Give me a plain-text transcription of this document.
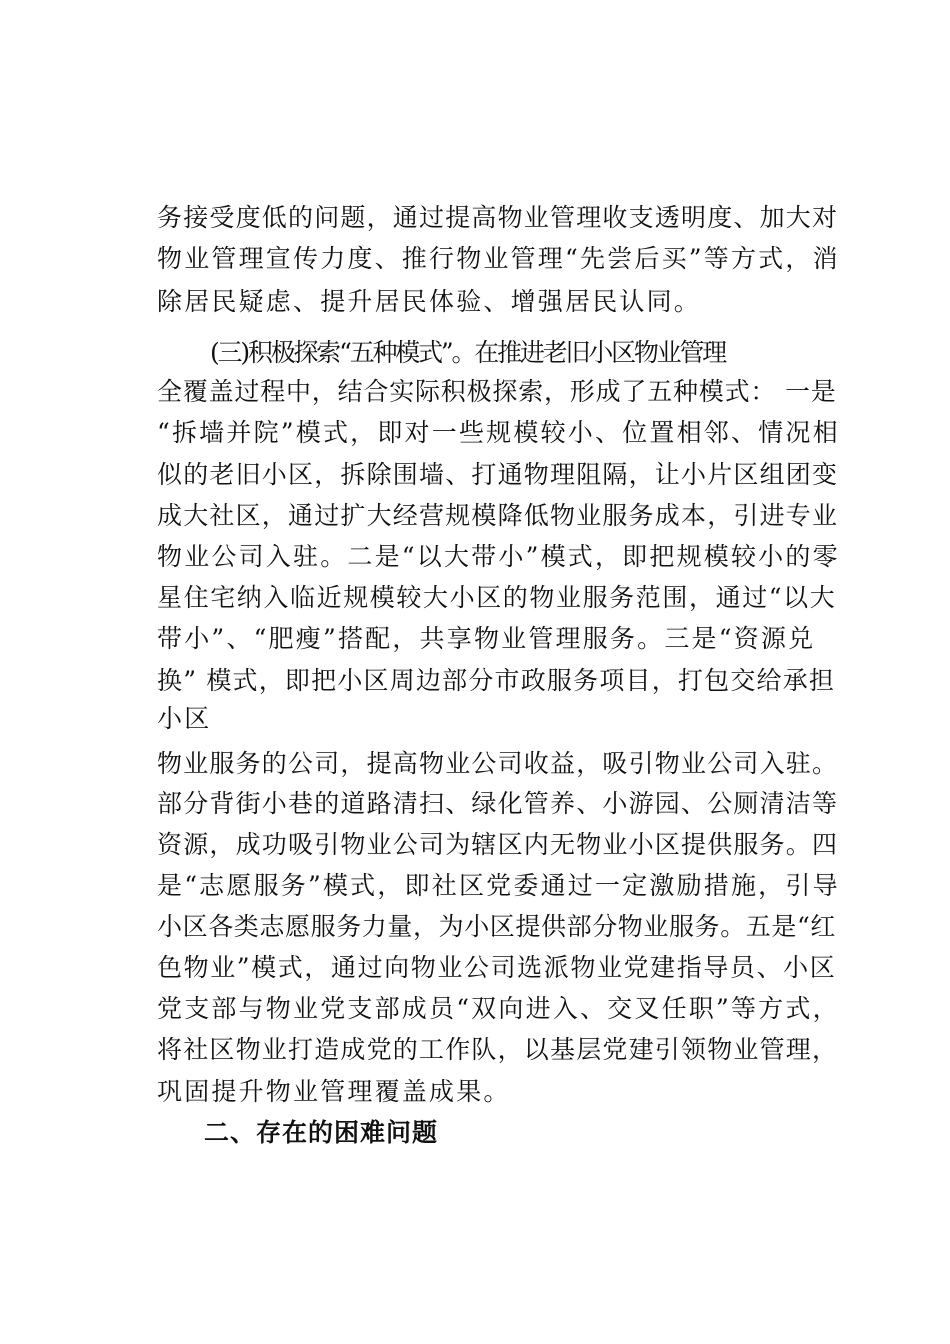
务接受度低的问题，通过提高物业管理收支透明度、加大对
物业管理宣传力度、推行物业管理“先尝后买”等方式，消
除居民疑虑、提升居民体验、增强居民认同。
(三)积极探索“五种模式”。在推进老旧小区物业管理
全覆盖过程中，结合实际积极探索，形成了五种模式： 一是
“拆墙并院”模式，即对一些规模较小、位置相邻、情况相
似的老旧小区，拆除围墙、打通物理阻隔，让小片区组团变
成大社区，通过扩大经营规模降低物业服务成本，引进专业
物业公司入驻。二是“以大带小”模式，即把规模较小的零
星住宅纳入临近规模较大小区的物业服务范围，通过“以大
带小”、“肥瘦”搭配，共享物业管理服务。三是“资源兑
换” 模式，即把小区周边部分市政服务项目，打包交给承担
小区
物业服务的公司，提高物业公司收益，吸引物业公司入驻。
部分背街小巷的道路清扫、绿化管养、小游园、公厕清洁等
资源，成功吸引物业公司为辖区内无物业小区提供服务。四
是“志愿服务”模式，即社区党委通过一定激励措施，引导
小区各类志愿服务力量，为小区提供部分物业服务。五是“红
色物业”模式，通过向物业公司选派物业党建指导员、小区
党支部与物业党支部成员“双向进入、交叉任职”等方式，
将社区物业打造成党的工作队，以基层党建引领物业管理，
巩固提升物业管理覆盖成果。
二、存在的困难问题
